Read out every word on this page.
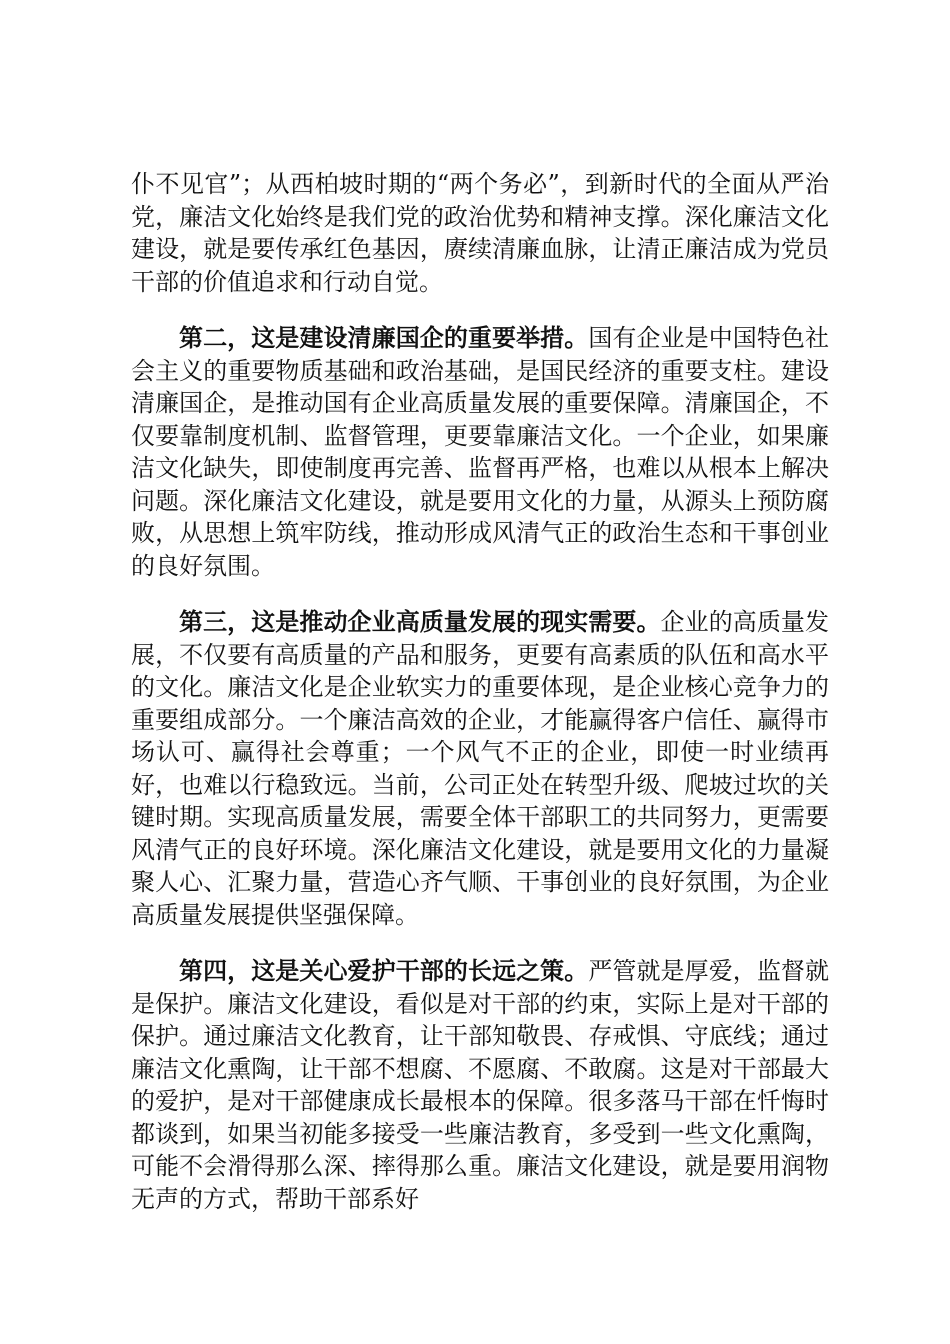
仆不见官”；从西柏坡时期的“两个务必”，到新时代的全面从严治党，廉洁文化始终是我们党的政治优势和精神支撑。深化廉洁文化建设，就是要传承红色基因，赓续清廉血脉，让清正廉洁成为党员干部的价值追求和行动自觉。

第二，这是建设清廉国企的重要举措。国有企业是中国特色社会主义的重要物质基础和政治基础，是国民经济的重要支柱。建设清廉国企，是推动国有企业高质量发展的重要保障。清廉国企，不仅要靠制度机制、监督管理，更要靠廉洁文化。一个企业，如果廉洁文化缺失，即使制度再完善、监督再严格，也难以从根本上解决问题。深化廉洁文化建设，就是要用文化的力量，从源头上预防腐败，从思想上筑牢防线，推动形成风清气正的政治生态和干事创业的良好氛围。

第三，这是推动企业高质量发展的现实需要。企业的高质量发展，不仅要有高质量的产品和服务，更要有高素质的队伍和高水平的文化。廉洁文化是企业软实力的重要体现，是企业核心竞争力的重要组成部分。一个廉洁高效的企业，才能赢得客户信任、赢得市场认可、赢得社会尊重；一个风气不正的企业，即使一时业绩再好，也难以行稳致远。当前，公司正处在转型升级、爬坡过坎的关键时期。实现高质量发展，需要全体干部职工的共同努力，更需要风清气正的良好环境。深化廉洁文化建设，就是要用文化的力量凝聚人心、汇聚力量，营造心齐气顺、干事创业的良好氛围，为企业高质量发展提供坚强保障。

第四，这是关心爱护干部的长远之策。严管就是厚爱，监督就是保护。廉洁文化建设，看似是对干部的约束，实际上是对干部的保护。通过廉洁文化教育，让干部知敬畏、存戒惧、守底线；通过廉洁文化熏陶，让干部不想腐、不愿腐、不敢腐。这是对干部最大的爱护，是对干部健康成长最根本的保障。很多落马干部在忏悔时都谈到，如果当初能多接受一些廉洁教育，多受到一些文化熏陶，可能不会滑得那么深、摔得那么重。廉洁文化建设，就是要用润物无声的方式，帮助干部系好
